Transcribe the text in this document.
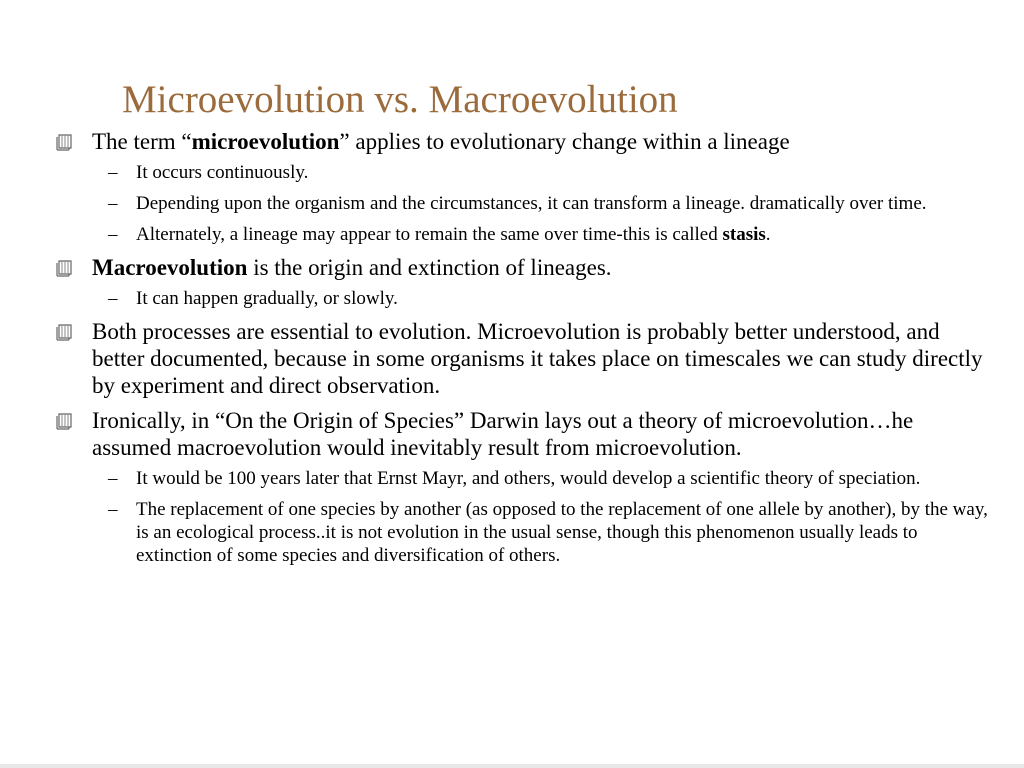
Microevolution vs. Macroevolution
The term “microevolution” applies to evolutionary change within a lineage
– It occurs continuously.
– Depending upon the organism and the circumstances, it can transform a lineage. dramatically over time.
– Alternately, a lineage may appear to remain the same over time-this is called stasis.
Macroevolution is the origin and extinction of lineages.
– It can happen gradually, or slowly.
Both processes are essential to evolution. Microevolution is probably better understood, and better documented, because in some organisms it takes place on timescales we can study directly by experiment and direct observation.
Ironically, in “On the Origin of Species” Darwin lays out a theory of microevolution…he assumed macroevolution would inevitably result from microevolution.
– It would be 100 years later that Ernst Mayr, and others, would develop a scientific theory of speciation.
– The replacement of one species by another (as opposed to the replacement of one allele by another), by the way, is an ecological process..it is not evolution in the usual sense, though this phenomenon usually leads to extinction of some species and diversification of others.
